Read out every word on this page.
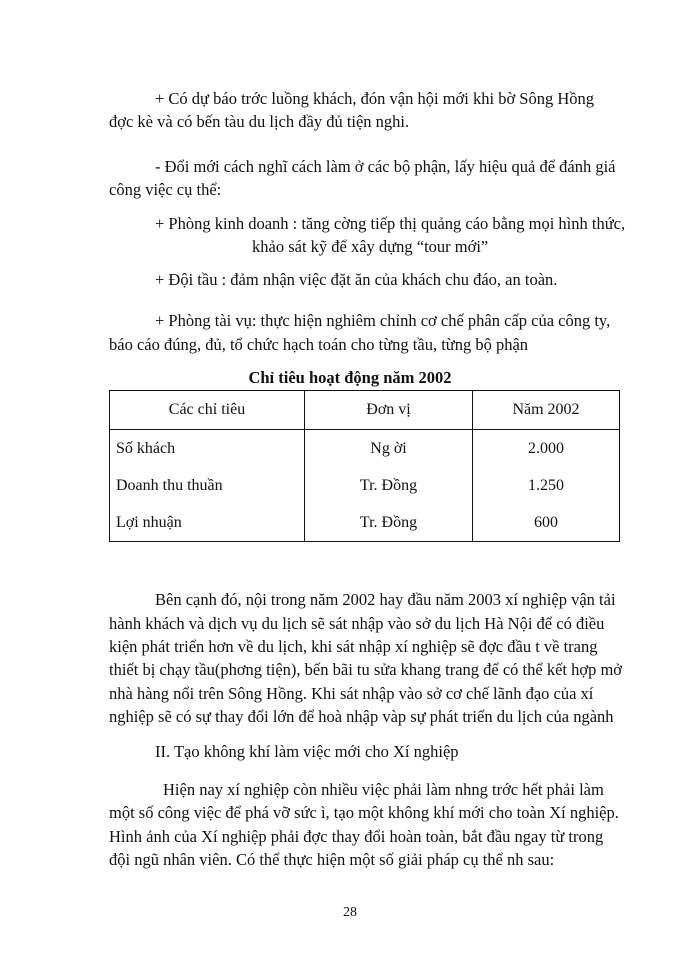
+ Có dự báo trớc luồng khách, đón vận hội mới khi bờ Sông Hồng
đợc kè và có bến tàu du lịch đầy đủ tiện nghi.
- Đổi mới cách nghĩ cách làm ở các bộ phận, lấy hiệu quả để đánh giá
công việc cụ thể:
+ Phòng kinh doanh : tăng cờng tiếp thị quảng cáo bằng mọi hình thức,
khảo sát kỹ để xây dựng “tour mới”
+ Đội tầu : đảm nhận việc đặt ăn của khách chu đáo, an toàn.
+ Phòng tài vụ: thực hiện nghiêm chỉnh cơ chế phân cấp của công ty,
báo cáo đúng, đủ, tổ chức hạch toán cho từng tầu, từng bộ phận
Chỉ tiêu hoạt động năm 2002
Các chỉ tiêu	Đơn vị	Năm 2002
Số khách	Ng ời	2.000
Doanh thu thuần	Tr. Đồng	1.250
Lợi nhuận	Tr. Đồng	600
Bên cạnh đó, nội trong năm 2002 hay đầu năm 2003 xí nghiệp vận tải
hành khách và dịch vụ du lịch sẽ sát nhập vào sở du lịch Hà Nội để có điều
kiện phát triển hơn về du lịch, khi sát nhập xí nghiệp sẽ đợc đầu t về trang
thiết bị chạy tầu(phơng tiện), bến bãi tu sửa khang trang để có thể kết hợp mở
nhà hàng nổi trên Sông Hồng. Khi sát nhập vào sở cơ chế lãnh đạo của xí
nghiệp sẽ có sự thay đổi lớn để hoà nhập vàp sự phát triển du lịch của ngành
II. Tạo không khí làm việc mới cho Xí nghiệp
Hiện nay xí nghiệp còn nhiều việc phải làm nhng trớc hết phải làm
một số công việc để phá vỡ sức ì, tạo một không khí mới cho toàn Xí nghiệp.
Hình ảnh của Xí nghiệp phải đợc thay đổi hoàn toàn, bắt đầu ngay từ trong
đội ngũ nhân viên. Có thể thực hiện một số giải pháp cụ thể nh sau:
28
